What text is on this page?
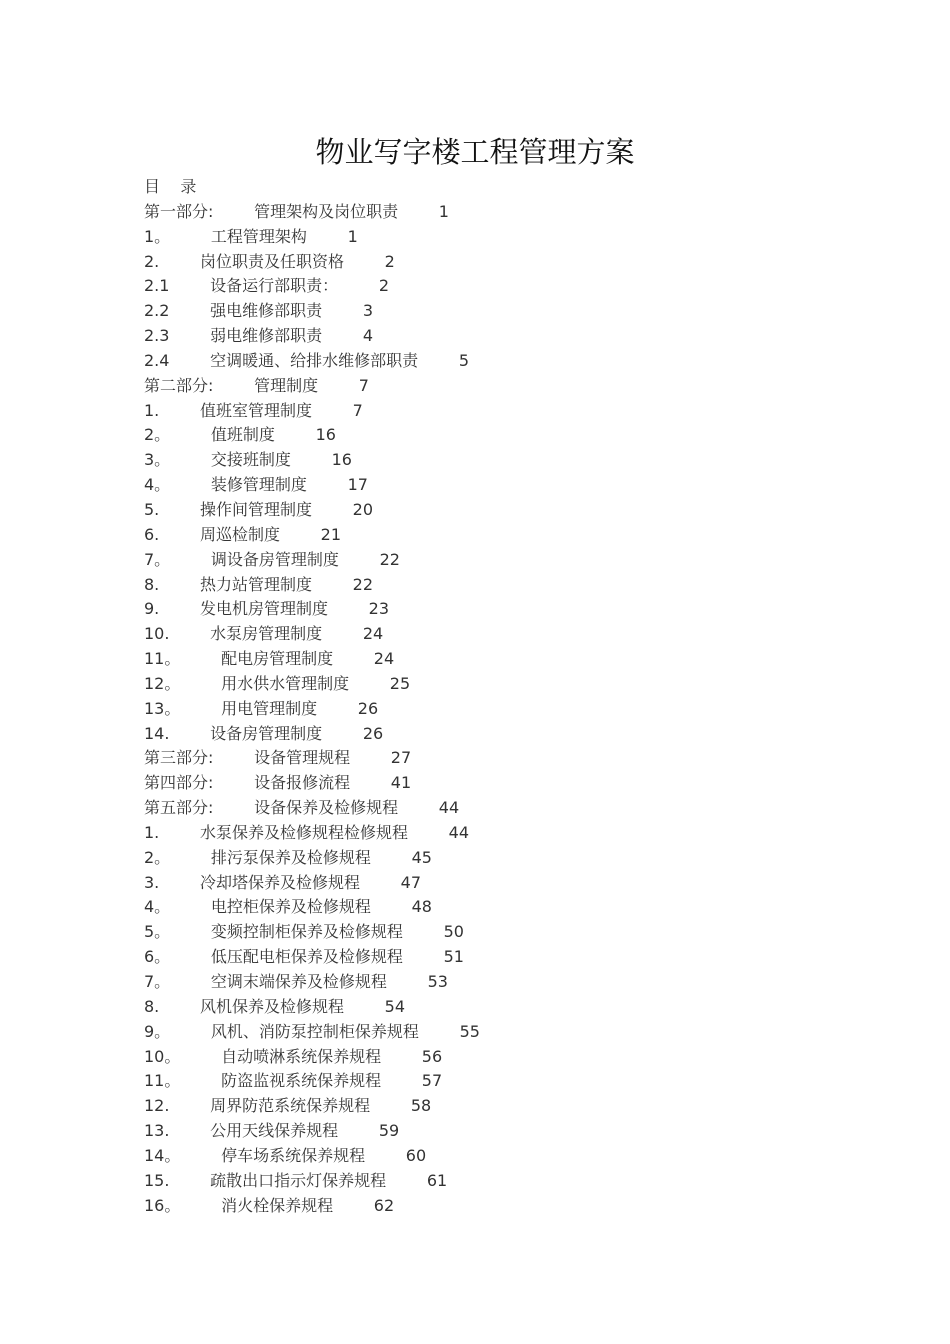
物业写字楼工程管理方案
目    录
第一部分:	管理架构及岗位职责	1
1。	工程管理架构	1
2.	岗位职责及任职资格	2
2.1	设备运行部职责：	2
2.2	强电维修部职责	3
2.3	弱电维修部职责	4
2.4	空调暖通、给排水维修部职责	5
第二部分:	管理制度	7
1.	值班室管理制度	7
2。	值班制度	16
3。	交接班制度	16
4。	装修管理制度	17
5.	操作间管理制度	20
6.	周巡检制度	21
7。	调设备房管理制度	22
8.	热力站管理制度	22
9.	发电机房管理制度	23
10.	水泵房管理制度	24
11。	配电房管理制度	24
12。	用水供水管理制度	25
13。	用电管理制度	26
14.	设备房管理制度	26
第三部分:	设备管理规程	27
第四部分:	设备报修流程	41
第五部分:	设备保养及检修规程	44
1.	水泵保养及检修规程检修规程	44
2。	排污泵保养及检修规程	45
3.	冷却塔保养及检修规程	47
4。	电控柜保养及检修规程	48
5。	变频控制柜保养及检修规程	50
6。	低压配电柜保养及检修规程	51
7。	空调末端保养及检修规程	53
8.	风机保养及检修规程	54
9。	风机、消防泵控制柜保养规程	55
10。	自动喷淋系统保养规程	56
11。	防盗监视系统保养规程	57
12.	周界防范系统保养规程	58
13.	公用天线保养规程	59
14。	停车场系统保养规程	60
15.	疏散出口指示灯保养规程	61
16。	消火栓保养规程	62
